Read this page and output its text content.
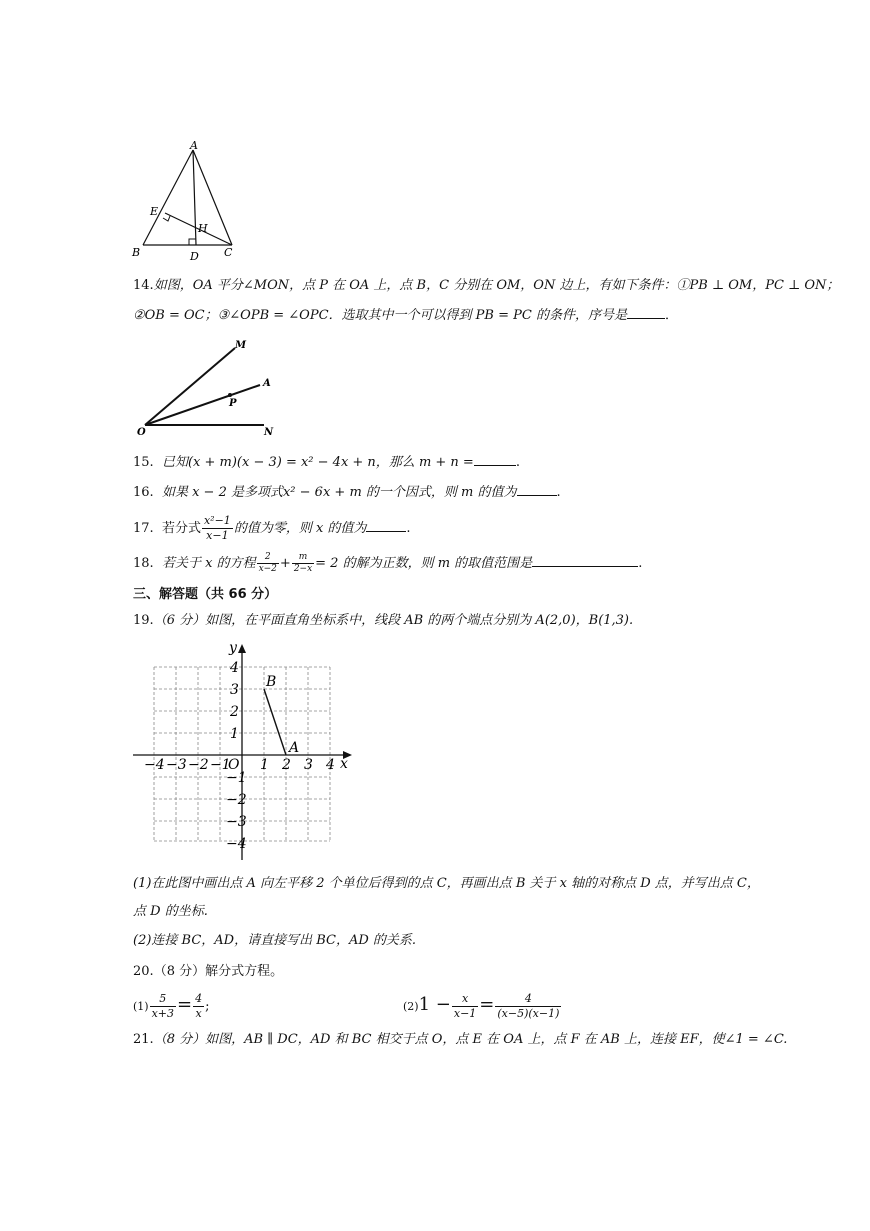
A
B	C
D
E
H
14.如图，OA 平分∠MON，点 P 在 OA 上，点 B，C 分别在 OM，ON 边上，有如下条件：①PB ⊥ OM，PC ⊥ ON；
②OB = OC；③∠OPB = ∠OPC．选取其中一个可以得到 PB = PC 的条件，序号是	．
M
A
P
O	N
15. 已知(x + m)(x − 3) = x² − 4x + n，那么 m + n =	.
16. 如果 x − 2 是多项式x² − 6x + m 的一个因式，则 m 的值为	.
17. 若分式 $\frac{\text{x²−1}}{x-1}$ 的值为零，则 x 的值为	.
18. 若关于 x 的方程 $\frac{2}{x-2} + \frac{m}{2-x} = 2$ 的解为正数，则 m 的取值范围是	.
三、解答题（共 66 分）
19.（6 分）如图，在平面直角坐标系中，线段 AB 的两个端点分别为 A(2,0)，B(1,3).
−4 −3 −2 −1
O 1 2 3 4 x
4
3
2
1
−1
−2
−3
−4
y
B
A
(1)在此图中画出点 A 向左平移 2 个单位后得到的点 C，再画出点 B 关于 x 轴的对称点 D 点，并写出点 C，
点 D 的坐标.
(2)连接 BC，AD，请直接写出 BC，AD 的关系.
20.（8 分）解分式方程。
$(1) \frac{5}{x+3} = \frac{4}{x}$ ;	$(2)1 - \frac{x}{x-1} = \frac{4}{(x-5)(x-1)}$
21.（8 分）如图，AB ∥ DC，AD 和 BC 相交于点 O，点 E 在 OA 上，点 F 在 AB 上，连接 EF，使∠1 = ∠C.
